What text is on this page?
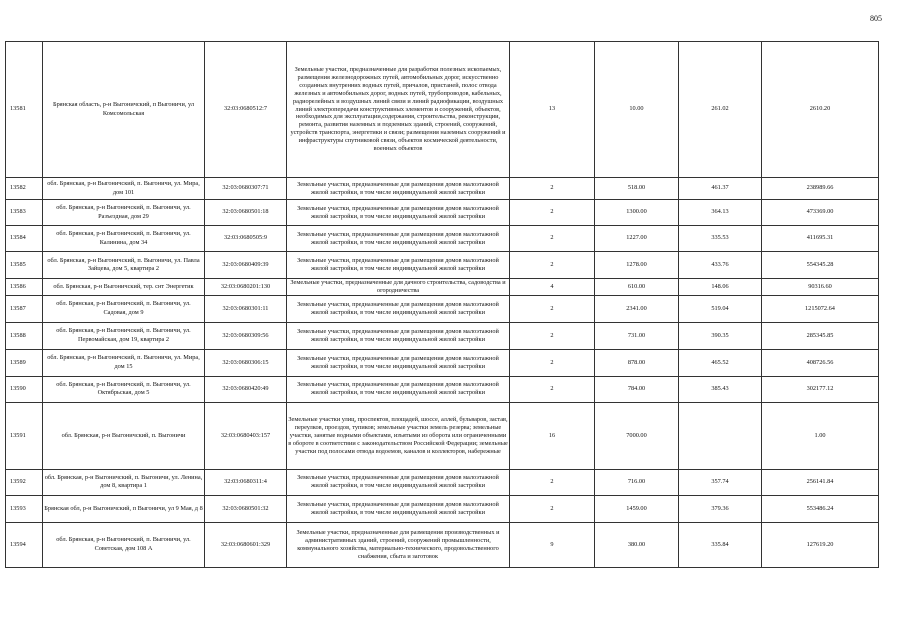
805
13581	Брянская область, р-н Выгоничский, п Выгоничи, ул Комсомольская	32:03:0680512:7	Земельные участки, предназначенные для разработки полезных ископаемых, размещения железнодорожных путей, автомобильных дорог, искусственно созданных внутренних водных путей, причалов, пристаней, полос отвода железных и автомобильных дорог, водных путей, трубопроводов, кабельных, радиорелейных и воздушных линий связи и линий радиофикации, воздушных линий электропередачи конструктивных элементов и сооружений, объектов, необходимых для эксплуатации,содержания, строительства, реконструкции, ремонта, развития наземных и подземных зданий, строений, сооружений, устройств транспорта, энергетики и связи; размещения наземных сооружений и инфраструктуры спутниковой связи, объектов космической деятельности, военных объектов	13	10.00	261.02	2610.20
13582	обл. Брянская, р-н Выгоничский, п. Выгоничи, ул. Мира, дом 101	32:03:0680307:71	Земельные участки, предназначенные для размещения домов малоэтажной жилой застройки, в том числе индивидуальной жилой застройки	2	518.00	461.37	238989.66
13583	обл. Брянская, р-н Выгоничский, п. Выгоничи, ул. Разъездная, дом 29	32:03:0680501:18	Земельные участки, предназначенные для размещения домов малоэтажной жилой застройки, в том числе индивидуальной жилой застройки	2	1300.00	364.13	473369.00
13584	обл. Брянская, р-н Выгоничский, п. Выгоничи, ул. Калинина, дом 34	32:03:0680505:9	Земельные участки, предназначенные для размещения домов малоэтажной жилой застройки, в том числе индивидуальной жилой застройки	2	1227.00	335.53	411695.31
13585	обл. Брянская, р-н Выгоничский, п. Выгоничи, ул. Павла Зайцева, дом 5, квартира 2	32:03:0680409:39	Земельные участки, предназначенные для размещения домов малоэтажной жилой застройки, в том числе индивидуальной жилой застройки	2	1278.00	433.76	554345.28
13586	обл. Брянская, р-н Выгоничский, тер. снт Энергетик	32:03:0680201:130	Земельные участки, предназначенные для дачного строительства, садоводства и огородничества	4	610.00	148.06	90316.60
13587	обл. Брянская, р-н Выгоничский, п. Выгоничи, ул. Садовая, дом 9	32:03:0680301:11	Земельные участки, предназначенные для размещения домов малоэтажной жилой застройки, в том числе индивидуальной жилой застройки	2	2341.00	519.04	1215072.64
13588	обл. Брянская, р-н Выгоничский, п. Выгоничи, ул. Первомайская, дом 19, квартира 2	32:03:0680309:56	Земельные участки, предназначенные для размещения домов малоэтажной жилой застройки, в том числе индивидуальной жилой застройки	2	731.00	390.35	285345.85
13589	обл. Брянская, р-н Выгоничский, п. Выгоничи, ул. Мира, дом 15	32:03:0680306:15	Земельные участки, предназначенные для размещения домов малоэтажной жилой застройки, в том числе индивидуальной жилой застройки	2	878.00	465.52	408726.56
13590	обл. Брянская, р-н Выгоничский, п. Выгоничи, ул. Октябрьская, дом 5	32:03:0680420:49	Земельные участки, предназначенные для размещения домов малоэтажной жилой застройки, в том числе индивидуальной жилой застройки	2	784.00	385.43	302177.12
13591	обл. Брянская, р-н Выгоничский, п. Выгоничи	32:03:0680403:157	Земельные участки улиц, проспектов, площадей, шоссе, аллей, бульваров, застав, переулков, проездов, тупиков; земельные участки земель резерва; земельные участки, занятые водными объектами, изъятыми из оборота или ограниченными в обороте в соответствии с законодательством Российской Федерации; земельные участки под полосами отвода водоемов, каналов и коллекторов, набережные	16	7000.00		1.00
13592	обл. Брянская, р-н Выгоничский, п. Выгоничи, ул. Ленина, дом 8, квартира 1	32:03:0680311:4	Земельные участки, предназначенные для размещения домов малоэтажной жилой застройки, в том числе индивидуальной жилой застройки	2	716.00	357.74	256141.84
13593	Брянская обл, р-н Выгоничский, п Выгоничи, ул 9 Мая, д 8	32:03:0680501:32	Земельные участки, предназначенные для размещения домов малоэтажной жилой застройки, в том числе индивидуальной жилой застройки	2	1459.00	379.36	553486.24
13594	обл. Брянская, р-н Выгоничский, п. Выгоничи, ул. Советская, дом 108 А	32:03:0680601:329	Земельные участки, предназначенные для размещения производственных и административных зданий, строений, сооружений промышленности, коммунального хозяйства, материально-технического, продовольственного снабжения, сбыта и заготовок	9	380.00	335.84	127619.20
